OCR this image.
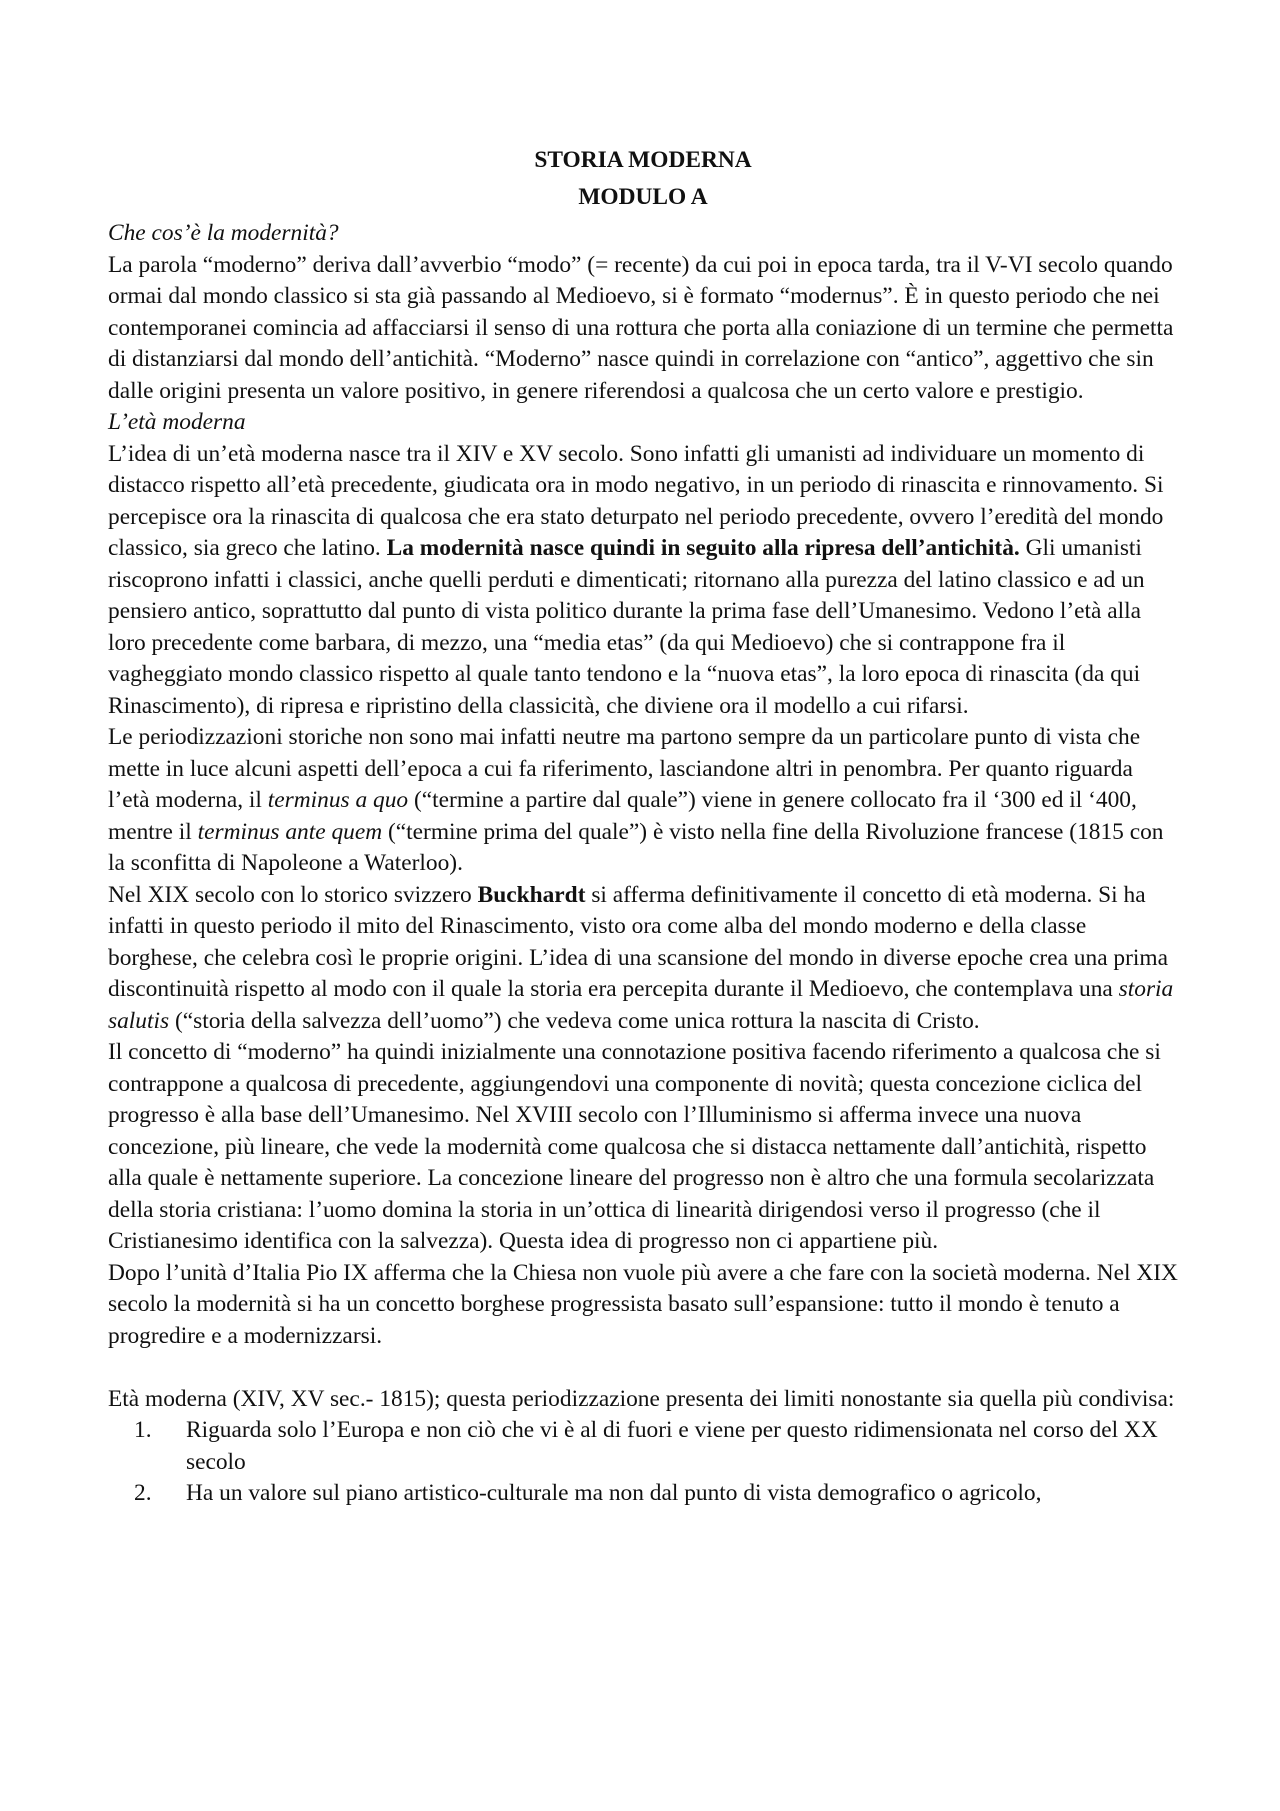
STORIA MODERNA
MODULO A

Che cos’è la modernità?

La parola “moderno” deriva dall’avverbio “modo” (= recente) da cui poi in epoca tarda, tra il V-VI secolo quando ormai dal mondo classico si sta già passando al Medioevo, si è formato “modernus”. È in questo periodo che nei contemporanei comincia ad affacciarsi il senso di una rottura che porta alla coniazione di un termine che permetta di distanziarsi dal mondo dell’antichità. “Moderno” nasce quindi in correlazione con “antico”, aggettivo che sin dalle origini presenta un valore positivo, in genere riferendosi a qualcosa che un certo valore e prestigio.

L’età moderna

L’idea di un’età moderna nasce tra il XIV e XV secolo. Sono infatti gli umanisti ad individuare un momento di distacco rispetto all’età precedente, giudicata ora in modo negativo, in un periodo di rinascita e rinnovamento. Si percepisce ora la rinascita di qualcosa che era stato deturpato nel periodo precedente, ovvero l’eredità del mondo classico, sia greco che latino. La modernità nasce quindi in seguito alla ripresa dell’antichità. Gli umanisti riscoprono infatti i classici, anche quelli perduti e dimenticati; ritornano alla purezza del latino classico e ad un pensiero antico, soprattutto dal punto di vista politico durante la prima fase dell’Umanesimo. Vedono l’età alla loro precedente come barbara, di mezzo, una “media etas” (da qui Medioevo) che si contrappone fra il vagheggiato mondo classico rispetto al quale tanto tendono e la “nuova etas”, la loro epoca di rinascita (da qui Rinascimento), di ripresa e ripristino della classicità, che diviene ora il modello a cui rifarsi.

Le periodizzazioni storiche non sono mai infatti neutre ma partono sempre da un particolare punto di vista che mette in luce alcuni aspetti dell’epoca a cui fa riferimento, lasciandone altri in penombra. Per quanto riguarda l’età moderna, il terminus a quo (“termine a partire dal quale”) viene in genere collocato fra il ‘300 ed il ‘400, mentre il terminus ante quem (“termine prima del quale”) è visto nella fine della Rivoluzione francese (1815 con la sconfitta di Napoleone a Waterloo).

Nel XIX secolo con lo storico svizzero Buckhardt si afferma definitivamente il concetto di età moderna. Si ha infatti in questo periodo il mito del Rinascimento, visto ora come alba del mondo moderno e della classe borghese, che celebra così le proprie origini. L’idea di una scansione del mondo in diverse epoche crea una prima discontinuità rispetto al modo con il quale la storia era percepita durante il Medioevo, che contemplava una storia salutis (“storia della salvezza dell’uomo”) che vedeva come unica rottura la nascita di Cristo.

Il concetto di “moderno” ha quindi inizialmente una connotazione positiva facendo riferimento a qualcosa che si contrappone a qualcosa di precedente, aggiungendovi una componente di novità; questa concezione ciclica del progresso è alla base dell’Umanesimo. Nel XVIII secolo con l’Illuminismo si afferma invece una nuova concezione, più lineare, che vede la modernità come qualcosa che si distacca nettamente dall’antichità, rispetto alla quale è nettamente superiore. La concezione lineare del progresso non è altro che una formula secolarizzata della storia cristiana: l’uomo domina la storia in un’ottica di linearità dirigendosi verso il progresso (che il Cristianesimo identifica con la salvezza). Questa idea di progresso non ci appartiene più.

Dopo l’unità d’Italia Pio IX afferma che la Chiesa non vuole più avere a che fare con la società moderna. Nel XIX secolo la modernità si ha un concetto borghese progressista basato sull’espansione: tutto il mondo è tenuto a progredire e a modernizzarsi.

Età moderna (XIV, XV sec.- 1815); questa periodizzazione presenta dei limiti nonostante sia quella più condivisa:

1. Riguarda solo l’Europa e non ciò che vi è al di fuori e viene per questo ridimensionata nel corso del XX secolo
2. Ha un valore sul piano artistico-culturale ma non dal punto di vista demografico o agricolo,
